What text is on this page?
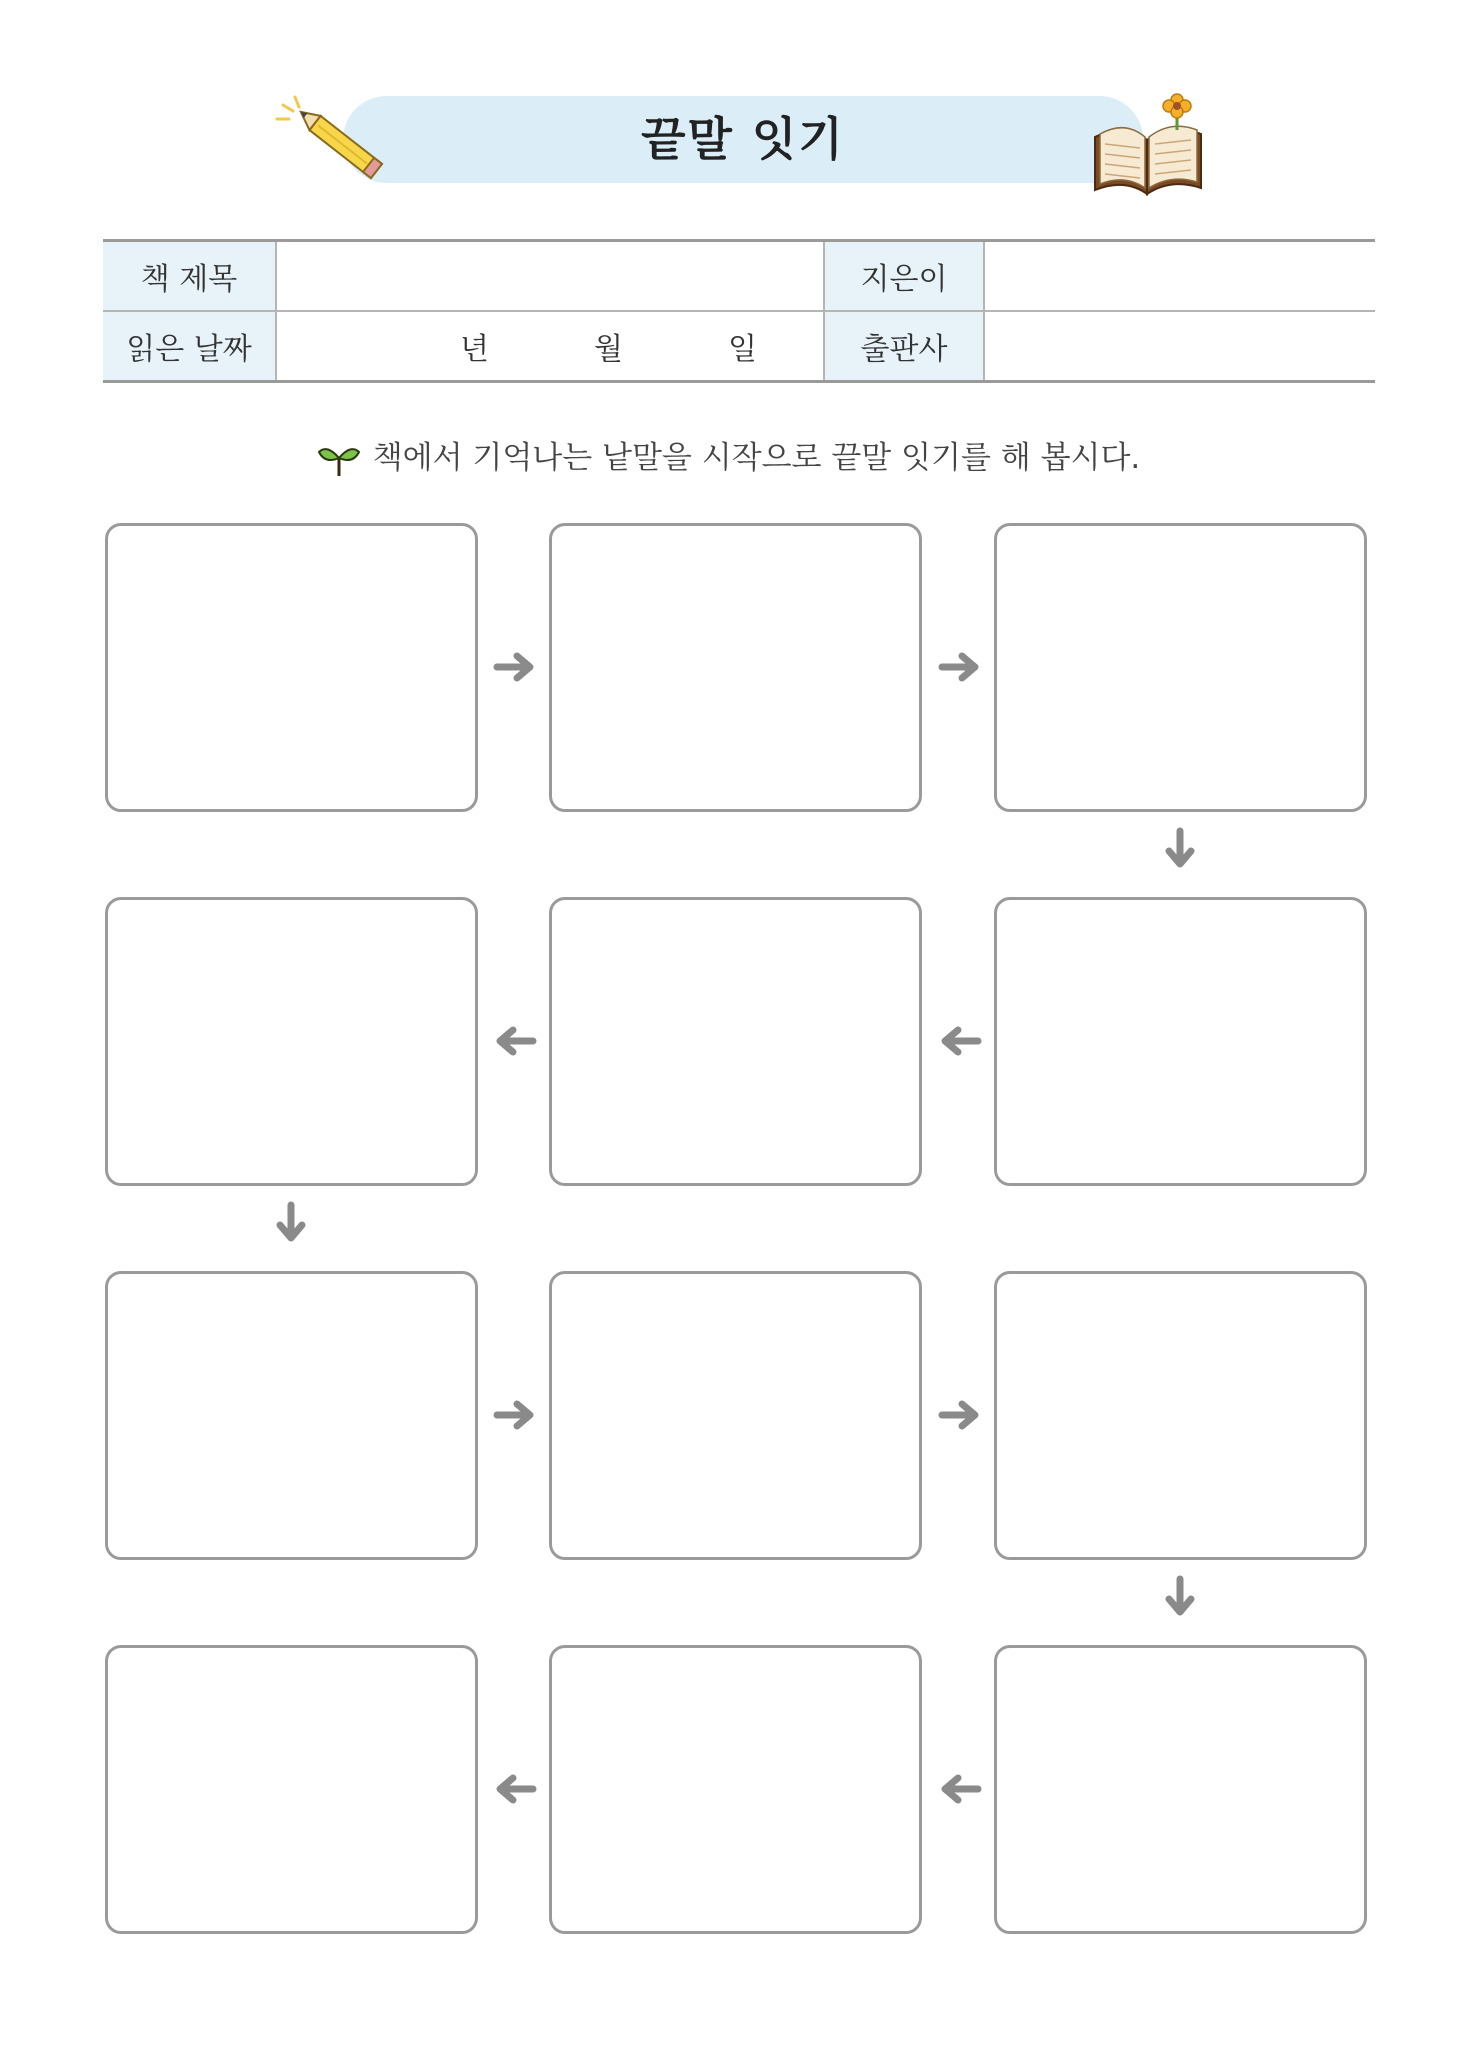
끝말 잇기
책 제목		지은이	
읽은 날짜	년 월 일	출판사	
책에서 기억나는 낱말을 시작으로 끝말 잇기를 해 봅시다.
